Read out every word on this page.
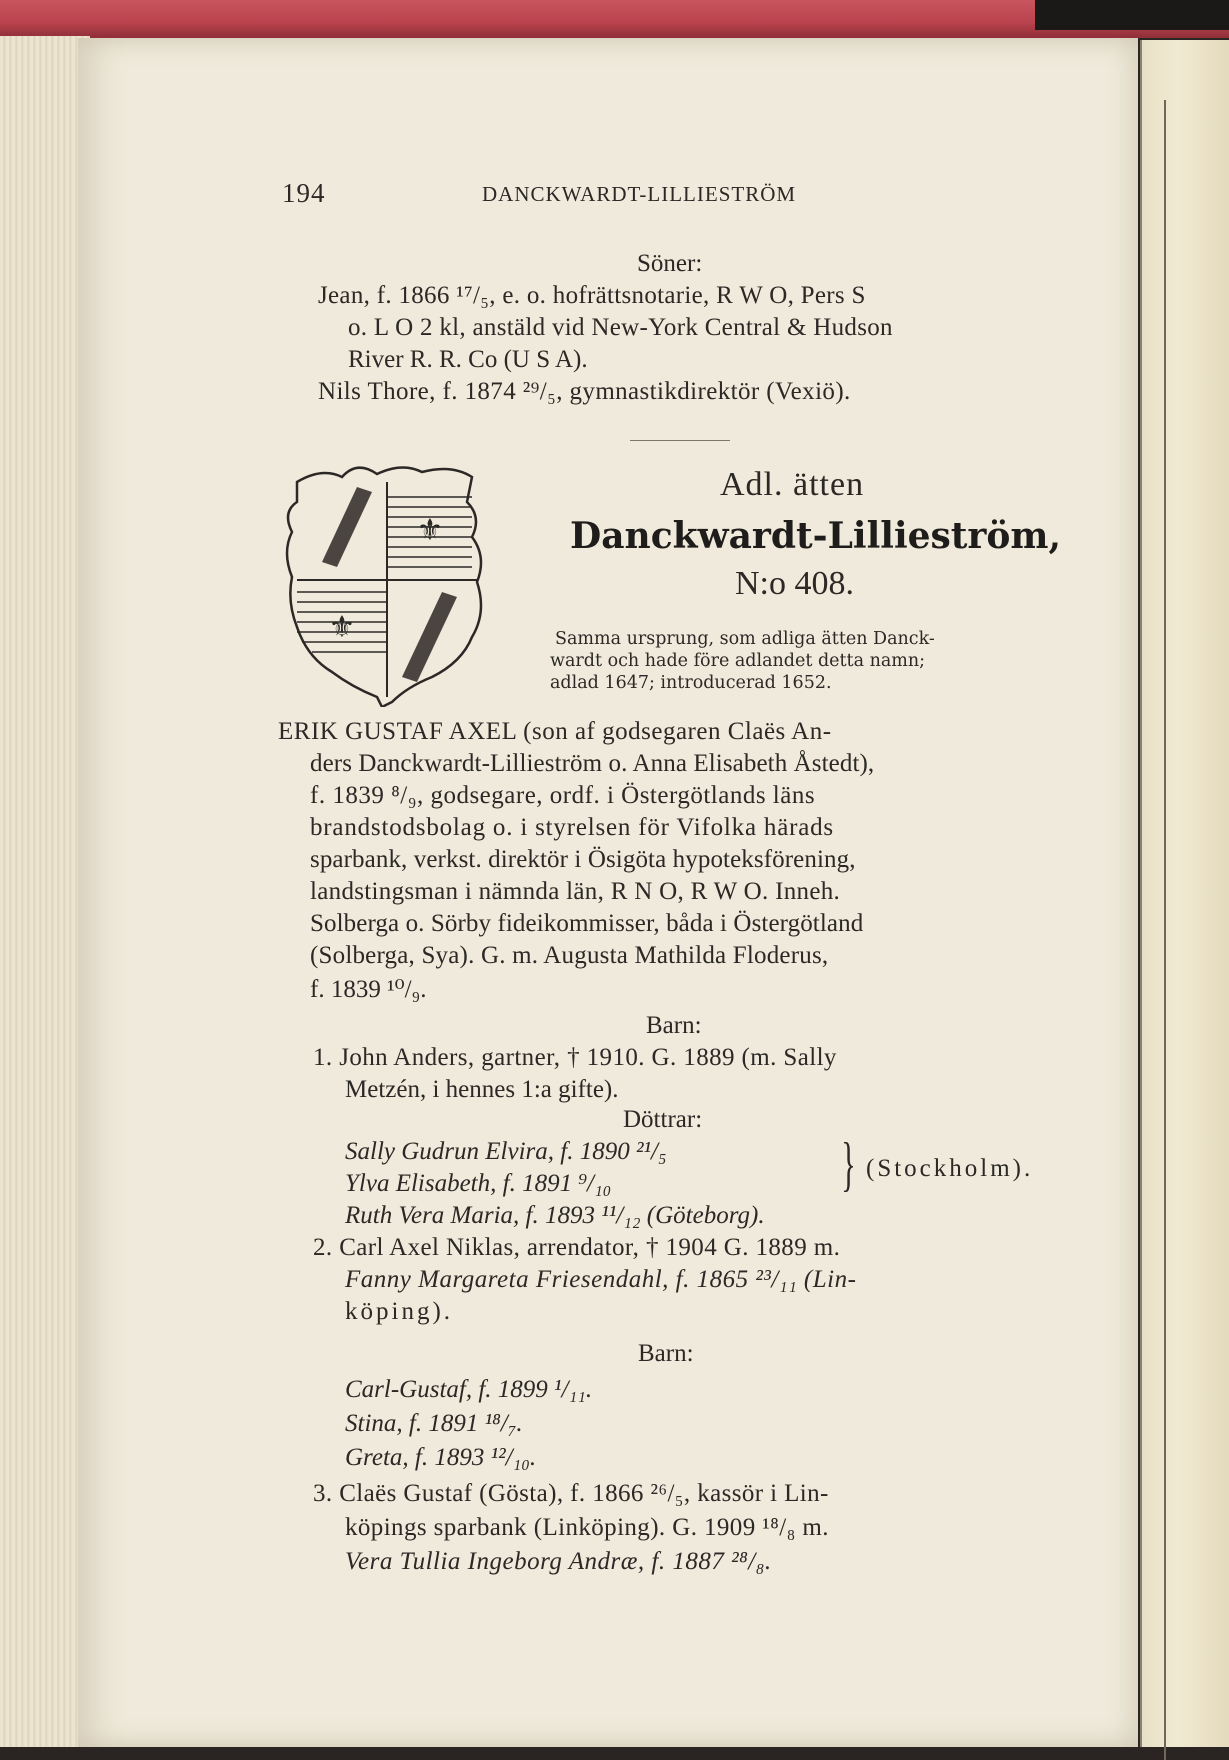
194	DANCKWARDT-LILLIESTRÖM
Söner:
Jean, f. 1866 ¹⁷/₅, e. o. hofrättsnotarie, R W O, Pers S
o. L O 2 kl, anstäld vid New-York Central & Hudson
River R. R. Co (U S A).
Nils Thore, f. 1874 ²⁹/₅, gymnastikdirektör (Vexiö).
⚜
⚜
Adl. ätten
Danckwardt-Lillieström,
N:o 408.
Samma ursprung, som adliga ätten Danck-
wardt och hade före adlandet detta namn;
adlad 1647; introducerad 1652.
ERIK GUSTAF AXEL (son af godsegaren Claës An-
ders Danckwardt-Lillieström o. Anna Elisabeth Åstedt),
f. 1839 ⁸/₉, godsegare, ordf. i Östergötlands läns
brandstodsbolag o. i styrelsen för Vifolka härads
sparbank, verkst. direktör i Ösigöta hypoteksförening,
landstingsman i nämnda län, R N O, R W O. Inneh.
Solberga o. Sörby fideikommisser, båda i Östergötland
(Solberga, Sya). G. m. Augusta Mathilda Floderus,
f. 1839 ¹⁰/₉.
Barn:
1. John Anders, gartner, † 1910. G. 1889 (m. Sally
Metzén, i hennes 1:a gifte).
Döttrar:
Sally Gudrun Elvira, f. 1890 ²¹/₅
Ylva Elisabeth, f. 1891 ⁹/₁₀	} (Stockholm).
Ruth Vera Maria, f. 1893 ¹¹/₁₂ (Göteborg).
2. Carl Axel Niklas, arrendator, † 1904 G. 1889 m.
Fanny Margareta Friesendahl, f. 1865 ²³/₁₁ (Lin-
köping).
Barn:
Carl-Gustaf, f. 1899 ¹/₁₁.
Stina, f. 1891 ¹⁸/₇.
Greta, f. 1893 ¹²/₁₀.
3. Claës Gustaf (Gösta), f. 1866 ²⁶/₅, kassör i Lin-
köpings sparbank (Linköping). G. 1909 ¹⁸/₈ m.
Vera Tullia Ingeborg Andræ, f. 1887 ²⁸/₈.
